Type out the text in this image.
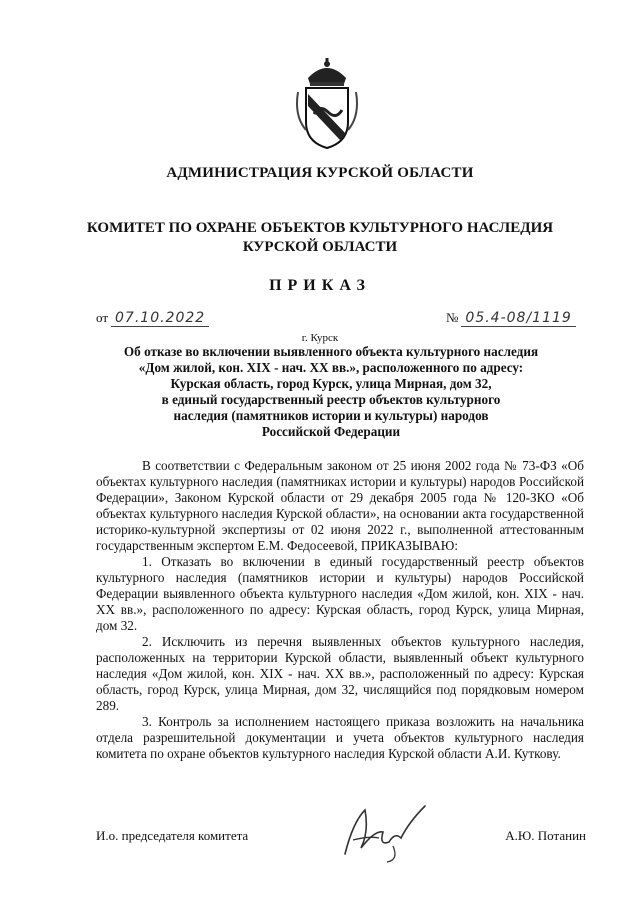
АДМИНИСТРАЦИЯ КУРСКОЙ ОБЛАСТИ
КОМИТЕТ ПО ОХРАНЕ ОБЪЕКТОВ КУЛЬТУРНОГО НАСЛЕДИЯ
КУРСКОЙ ОБЛАСТИ
ПРИКАЗ
от 07.10.2022	№ 05.4-08/1119
г. Курск
Об отказе во включении выявленного объекта культурного наследия
«Дом жилой, кон. XIX - нач. XX вв.», расположенного по адресу:
Курская область, город Курск, улица Мирная, дом 32,
в единый государственный реестр объектов культурного
наследия (памятников истории и культуры) народов
Российской Федерации

В соответствии с Федеральным законом от 25 июня 2002 года № 73-ФЗ «Об объектах культурного наследия (памятниках истории и культуры) народов Российской Федерации», Законом Курской области от 29 декабря 2005 года № 120-ЗКО «Об объектах культурного наследия Курской области», на основании акта государственной историко-культурной экспертизы от 02 июня 2022 г., выполненной аттестованным государственным экспертом Е.М. Федосеевой, ПРИКАЗЫВАЮ:

1. Отказать во включении в единый государственный реестр объектов культурного наследия (памятников истории и культуры) народов Российской Федерации выявленного объекта культурного наследия «Дом жилой, кон. XIX - нач. XX вв.», расположенного по адресу: Курская область, город Курск, улица Мирная, дом 32.

2. Исключить из перечня выявленных объектов культурного наследия, расположенных на территории Курской области, выявленный объект культурного наследия «Дом жилой, кон. XIX - нач. XX вв.», расположенный по адресу: Курская область, город Курск, улица Мирная, дом 32, числящийся под порядковым номером 289.

3. Контроль за исполнением настоящего приказа возложить на начальника отдела разрешительной документации и учета объектов культурного наследия комитета по охране объектов культурного наследия Курской области А.И. Куткову.

И.о. председателя комитета	А.Ю. Потанин
